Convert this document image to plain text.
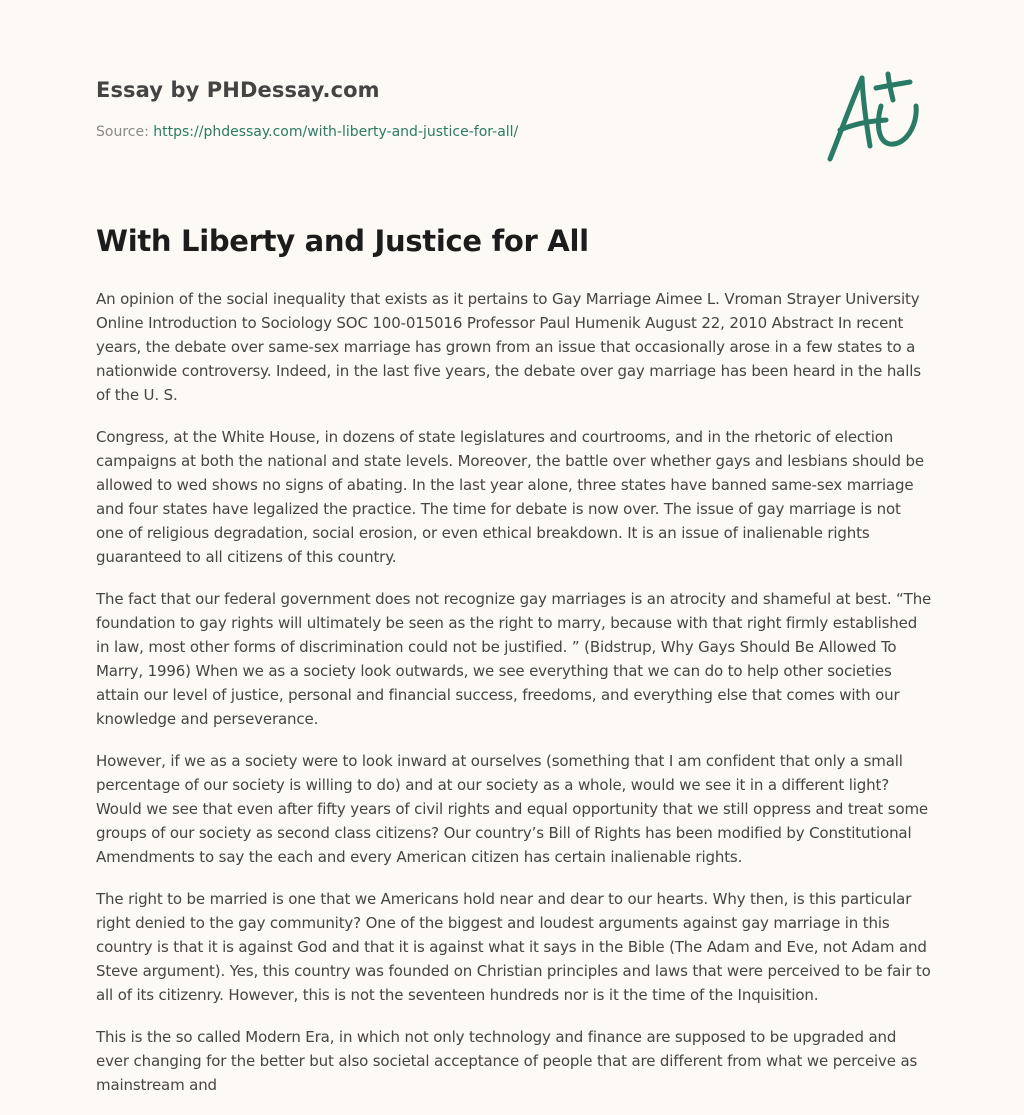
Essay by PHDessay.com

Source: https://phdessay.com/with-liberty-and-justice-for-all/

With Liberty and Justice for All

An opinion of the social inequality that exists as it pertains to Gay Marriage Aimee L. Vroman Strayer University Online Introduction to Sociology SOC 100-015016 Professor Paul Humenik August 22, 2010 Abstract In recent years, the debate over same-sex marriage has grown from an issue that occasionally arose in a few states to a nationwide controversy. Indeed, in the last five years, the debate over gay marriage has been heard in the halls of the U. S.

Congress, at the White House, in dozens of state legislatures and courtrooms, and in the rhetoric of election campaigns at both the national and state levels. Moreover, the battle over whether gays and lesbians should be allowed to wed shows no signs of abating. In the last year alone, three states have banned same-sex marriage and four states have legalized the practice. The time for debate is now over. The issue of gay marriage is not one of religious degradation, social erosion, or even ethical breakdown. It is an issue of inalienable rights guaranteed to all citizens of this country.

The fact that our federal government does not recognize gay marriages is an atrocity and shameful at best. “The foundation to gay rights will ultimately be seen as the right to marry, because with that right firmly established in law, most other forms of discrimination could not be justified. ” (Bidstrup, Why Gays Should Be Allowed To Marry, 1996) When we as a society look outwards, we see everything that we can do to help other societies attain our level of justice, personal and financial success, freedoms, and everything else that comes with our knowledge and perseverance.

However, if we as a society were to look inward at ourselves (something that I am confident that only a small percentage of our society is willing to do) and at our society as a whole, would we see it in a different light? Would we see that even after fifty years of civil rights and equal opportunity that we still oppress and treat some groups of our society as second class citizens? Our country’s Bill of Rights has been modified by Constitutional Amendments to say the each and every American citizen has certain inalienable rights.

The right to be married is one that we Americans hold near and dear to our hearts. Why then, is this particular right denied to the gay community? One of the biggest and loudest arguments against gay marriage in this country is that it is against God and that it is against what it says in the Bible (The Adam and Eve, not Adam and Steve argument). Yes, this country was founded on Christian principles and laws that were perceived to be fair to all of its citizenry. However, this is not the seventeen hundreds nor is it the time of the Inquisition.

This is the so called Modern Era, in which not only technology and finance are supposed to be upgraded and ever changing for the better but also societal acceptance of people that are different from what we perceive as mainstream and
